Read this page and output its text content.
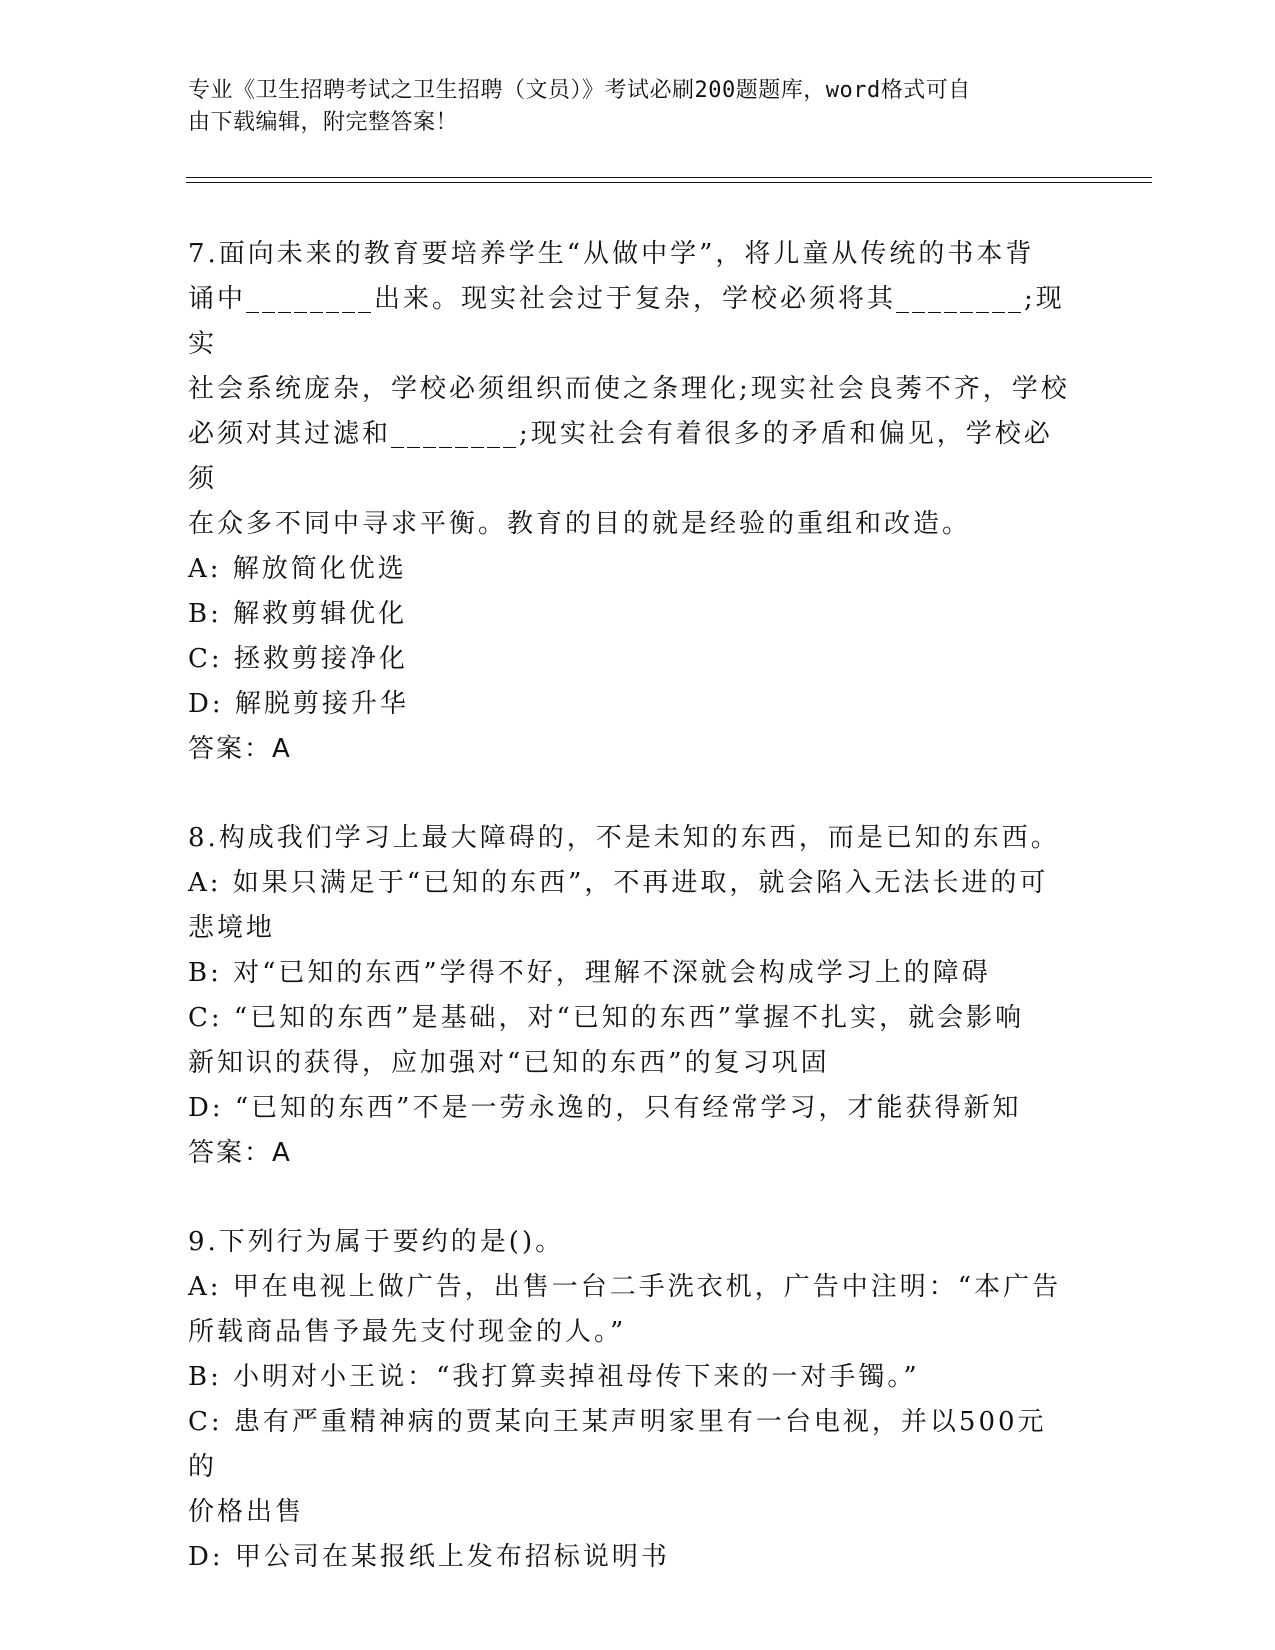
专业《卫生招聘考试之卫生招聘（文员）》考试必刷200题题库，word格式可自
由下载编辑，附完整答案！
7.面向未来的教育要培养学生“从做中学”，将儿童从传统的书本背
诵中________出来。现实社会过于复杂，学校必须将其________;现实
社会系统庞杂，学校必须组织而使之条理化;现实社会良莠不齐，学校
必须对其过滤和________;现实社会有着很多的矛盾和偏见，学校必须
在众多不同中寻求平衡。教育的目的就是经验的重组和改造。
A: 解放简化优选
B: 解救剪辑优化
C: 拯救剪接净化
D: 解脱剪接升华
答案：A
8.构成我们学习上最大障碍的，不是未知的东西，而是已知的东西。
A: 如果只满足于“已知的东西”，不再进取，就会陷入无法长进的可
悲境地
B: 对“已知的东西”学得不好，理解不深就会构成学习上的障碍
C: “已知的东西”是基础，对“已知的东西”掌握不扎实，就会影响
新知识的获得，应加强对“已知的东西”的复习巩固
D: “已知的东西”不是一劳永逸的，只有经常学习，才能获得新知
答案：A
9.下列行为属于要约的是()。
A: 甲在电视上做广告，出售一台二手洗衣机，广告中注明：“本广告
所载商品售予最先支付现金的人。”
B: 小明对小王说：“我打算卖掉祖母传下来的一对手镯。”
C: 患有严重精神病的贾某向王某声明家里有一台电视，并以500元的
价格出售
D: 甲公司在某报纸上发布招标说明书
